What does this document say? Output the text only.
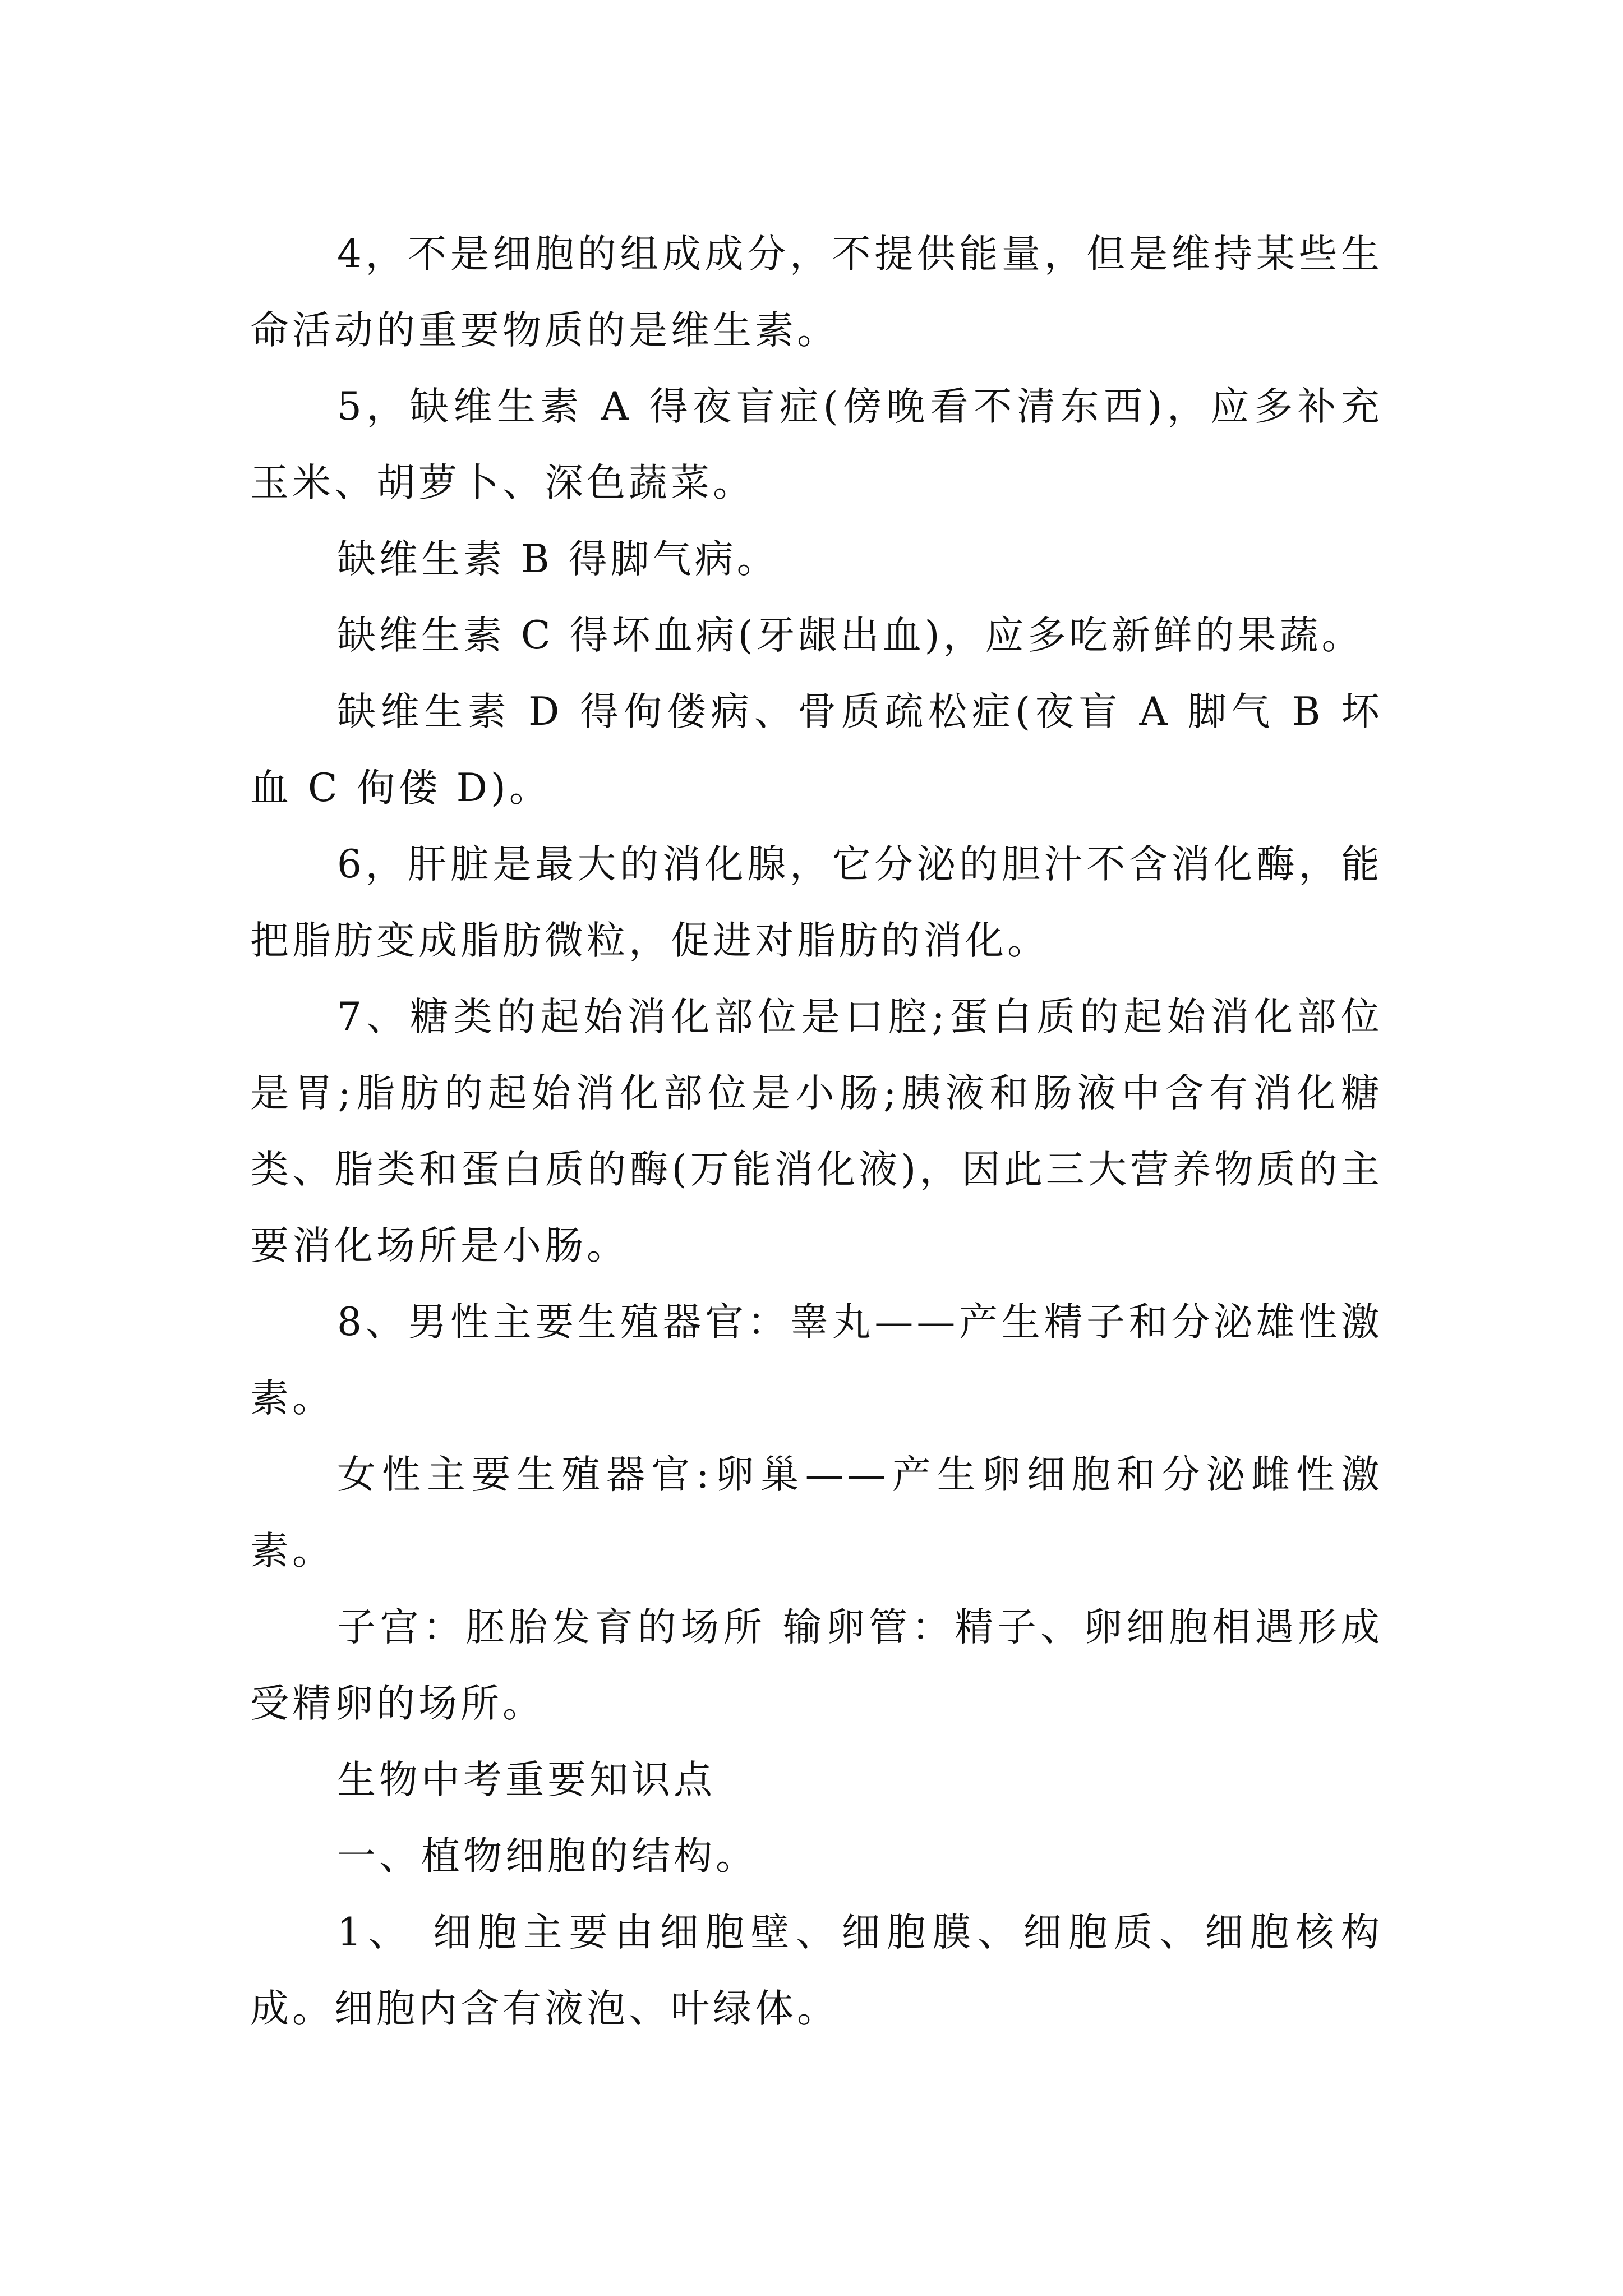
4，不是细胞的组成成分，不提供能量，但是维持某些生命活动的重要物质的是维生素。

5，缺维生素 A 得夜盲症(傍晚看不清东西)，应多补充玉米、胡萝卜、深色蔬菜。

缺维生素 B 得脚气病。

缺维生素 C 得坏血病(牙龈出血)，应多吃新鲜的果蔬。

缺维生素 D 得佝偻病、骨质疏松症(夜盲 A 脚气 B 坏血 C 佝偻 D)。

6，肝脏是最大的消化腺，它分泌的胆汁不含消化酶，能把脂肪变成脂肪微粒，促进对脂肪的消化。

7、糖类的起始消化部位是口腔;蛋白质的起始消化部位是胃;脂肪的起始消化部位是小肠;胰液和肠液中含有消化糖类、脂类和蛋白质的酶(万能消化液)，因此三大营养物质的主要消化场所是小肠。

8、男性主要生殖器官：睾丸——产生精子和分泌雄性激素。

女性主要生殖器官:卵巢——产生卵细胞和分泌雌性激素。

子宫：胚胎发育的场所 输卵管：精子、卵细胞相遇形成受精卵的场所。

生物中考重要知识点

一、植物细胞的结构。

1、 细胞主要由细胞壁、细胞膜、细胞质、细胞核构成。细胞内含有液泡、叶绿体。
